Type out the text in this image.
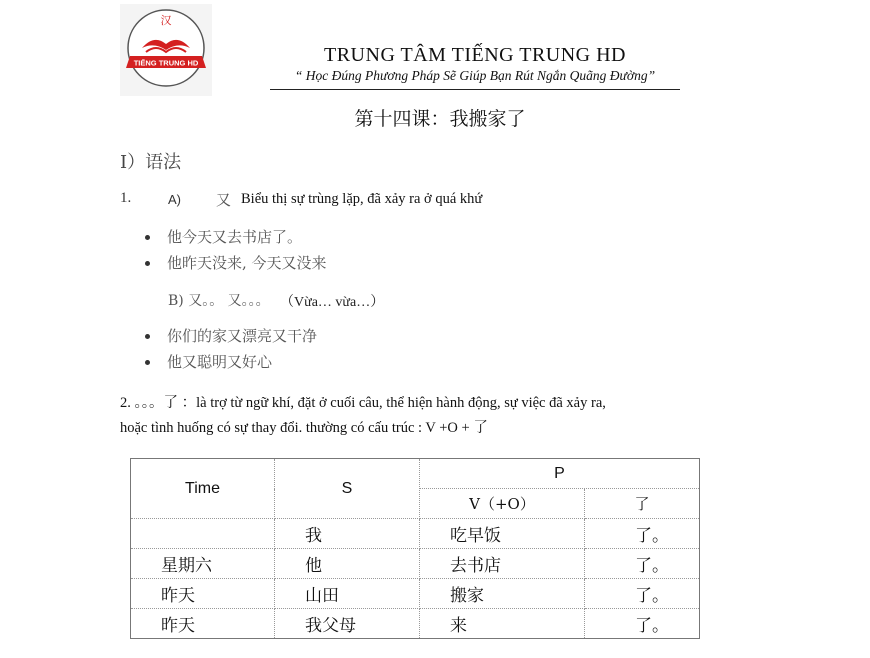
汉
TIẾNG TRUNG HD	TRUNG TÂM TIẾNG TRUNG HD
“ Học Đúng Phương Pháp Sẽ Giúp Bạn Rút Ngắn Quãng Đường”
第十四课：我搬家了
I）语法
1.	A) 又 Biểu thị sự trùng lặp, đã xảy ra ở quá khứ
他今天又去书店了。
他昨天没来, 今天又没来
B) 又。。 又。。。 （Vừa… vừa…）
你们的家又漂亮又干净
他又聪明又好心
2. 。。。了 ：là trợ từ ngữ khí, đặt ở cuối câu, thể hiện hành động, sự việc đã xảy ra,
hoặc tình huống có sự thay đổi. thường có cấu trúc : V +O + 了
Time	S	P	
		V（+O）	了
	我	吃早饭	了。
星期六	他	去书店	了。
昨天	山田	搬家	了。
昨天	我父母	来	了。
